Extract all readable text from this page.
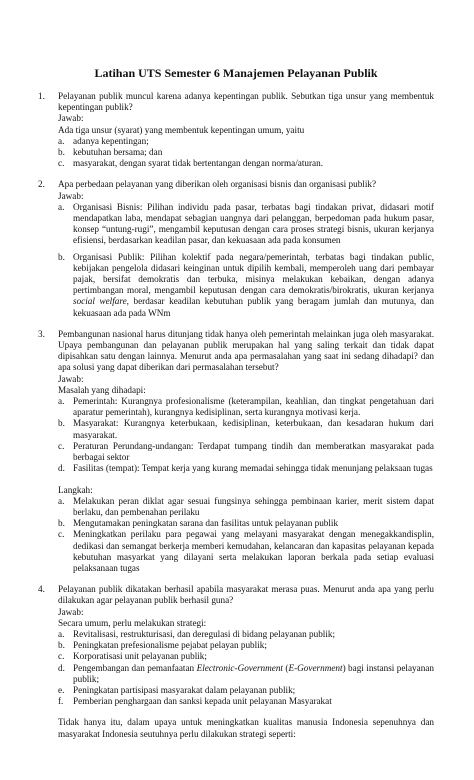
Latihan UTS Semester 6 Manajemen Pelayanan Publik
1.	Pelayanan publik muncul karena adanya kepentingan publik. Sebutkan tiga unsur yang membentuk kepentingan publik?
Jawab:
Ada tiga unsur (syarat) yang membentuk kepentingan umum, yaitu
a. adanya kepentingan;
b. kebutuhan bersama; dan
c. masyarakat, dengan syarat tidak bertentangan dengan norma/aturan.
2.	Apa perbedaan pelayanan yang diberikan oleh organisasi bisnis dan organisasi publik?
Jawab:
a. Organisasi Bisnis: Pilihan individu pada pasar, terbatas bagi tindakan privat, didasari motif mendapatkan laba, mendapat sebagian uangnya dari pelanggan, berpedoman pada hukum pasar, konsep “untung-rugi”, mengambil keputusan dengan cara proses strategi bisnis, ukuran kerjanya efisiensi, berdasarkan keadilan pasar, dan kekuasaan ada pada konsumen
b. Organisasi Publik: Pilihan kolektif pada negara/pemerintah, terbatas bagi tindakan public, kebijakan pengelola didasari keinginan untuk dipilih kembali, memperoleh uang dari pembayar pajak, bersifat demokratis dan terbuka, misinya melakukan kebaikan, dengan adanya pertimbangan moral, mengambil keputusan dengan cara demokratis/birokratis, ukuran kerjanya social welfare, berdasar keadilan kebutuhan publik yang beragam jumlah dan mutunya, dan kekuasaan ada pada WNm
3.	Pembangunan nasional harus ditunjang tidak hanya oleh pemerintah melainkan juga oleh masyarakat. Upaya pembangunan dan pelayanan publik merupakan hal yang saling terkait dan tidak dapat dipisahkan satu dengan lainnya. Menurut anda apa permasalahan yang saat ini sedang dihadapi? dan apa solusi yang dapat diberikan dari permasalahan tersebut?
Jawab:
Masalah yang dihadapi:
a. Pemerintah: Kurangnya profesionalisme (keterampilan, keahlian, dan tingkat pengetahuan dari aparatur pemerintah), kurangnya kedisiplinan, serta kurangnya motivasi kerja.
b. Masyarakat: Kurangnya keterbukaan, kedisiplinan, keterbukaan, dan kesadaran hukum dari masyarakat.
c. Peraturan Perundang-undangan: Terdapat tumpang tindih dan memberatkan masyarakat pada berbagai sektor
d. Fasilitas (tempat): Tempat kerja yang kurang memadai sehingga tidak menunjang pelaksaan tugas
Langkah:
a. Melakukan peran diklat agar sesuai fungsinya sehingga pembinaan karier, merit sistem dapat berlaku, dan pembenahan perilaku
b. Mengutamakan peningkatan sarana dan fasilitas untuk pelayanan publik
c. Meningkatkan perilaku para pegawai yang melayani masyarakat dengan menegakkandisplin, dedikasi dan semangat berkerja memberi kemudahan, kelancaran dan kapasitas pelayanan kepada kebutuhan masyarkat yang dilayani serta melakukan laporan berkala pada setiap evaluasi pelaksanaan tugas
4.	Pelayanan publik dikatakan berhasil apabila masyarakat merasa puas. Menurut anda apa yang perlu dilakukan agar pelayanan publik berhasil guna?
Jawab:
Secara umum, perlu melakukan strategi:
a. Revitalisasi, restrukturisasi, dan deregulasi di bidang pelayanan publik;
b. Peningkatan prefesionalisme pejabat pelayan publik;
c. Korporatisasi unit pelayanan publik;
d. Pengembangan dan pemanfaatan Electronic-Government (E-Government) bagi instansi pelayanan publik;
e. Peningkatan partisipasi masyarakat dalam pelayanan publik;
f.	Pemberian penghargaan dan sanksi kepada unit pelayanan Masyarakat
Tidak hanya itu, dalam upaya untuk meningkatkan kualitas manusia Indonesia sepenuhnya dan masyarakat Indonesia seutuhnya perlu dilakukan strategi seperti:
